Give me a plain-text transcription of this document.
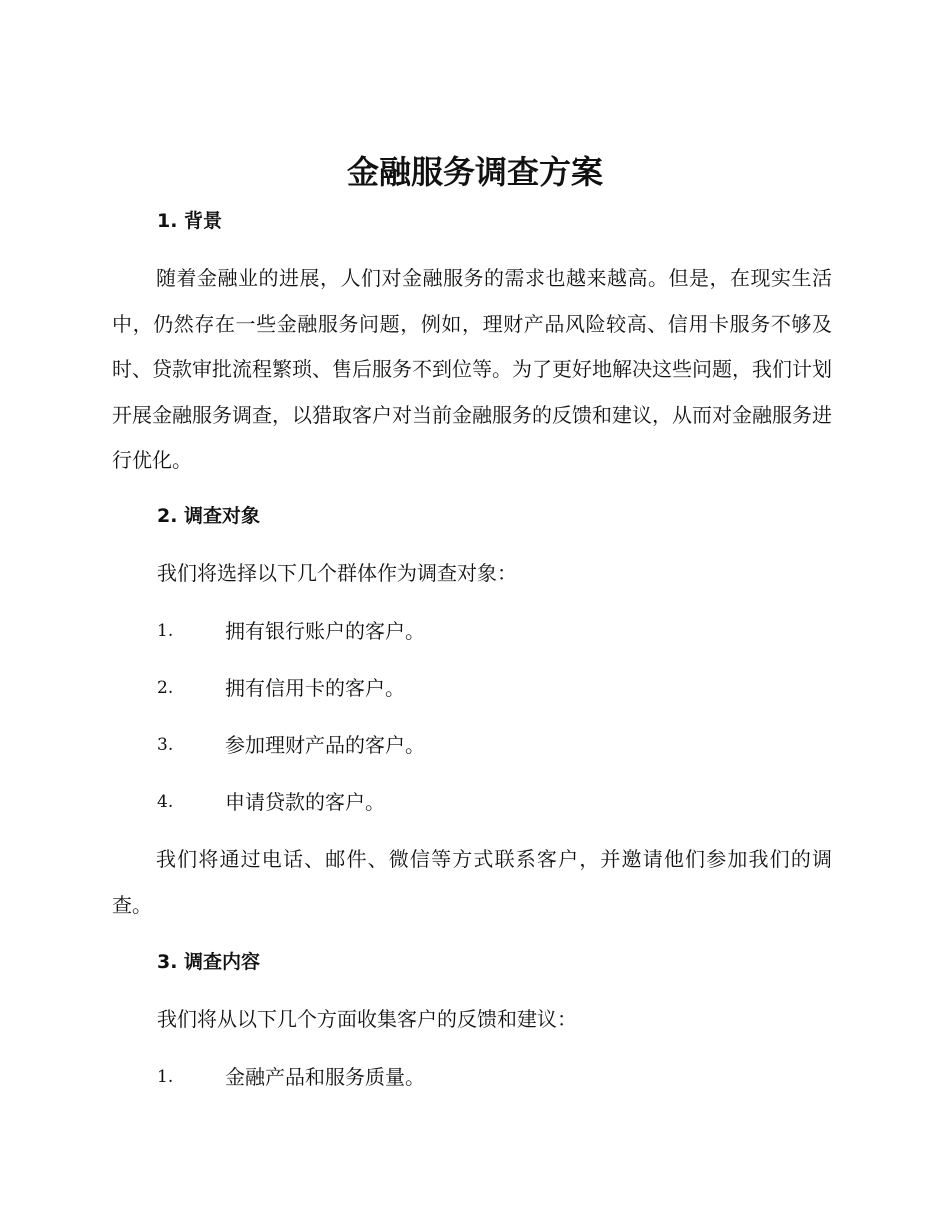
金融服务调查方案
1. 背景

随着金融业的进展，人们对金融服务的需求也越来越高。但是，在现实生活中，仍然存在一些金融服务问题，例如，理财产品风险较高、信用卡服务不够及时、贷款审批流程繁琐、售后服务不到位等。为了更好地解决这些问题，我们计划开展金融服务调查，以猎取客户对当前金融服务的反馈和建议，从而对金融服务进行优化。

2. 调查对象
我们将选择以下几个群体作为调查对象：
1.	拥有银行账户的客户。
2.	拥有信用卡的客户。
3.	参加理财产品的客户。
4.	申请贷款的客户。

我们将通过电话、邮件、微信等方式联系客户，并邀请他们参加我们的调查。

3. 调查内容
我们将从以下几个方面收集客户的反馈和建议：
1.	金融产品和服务质量。
